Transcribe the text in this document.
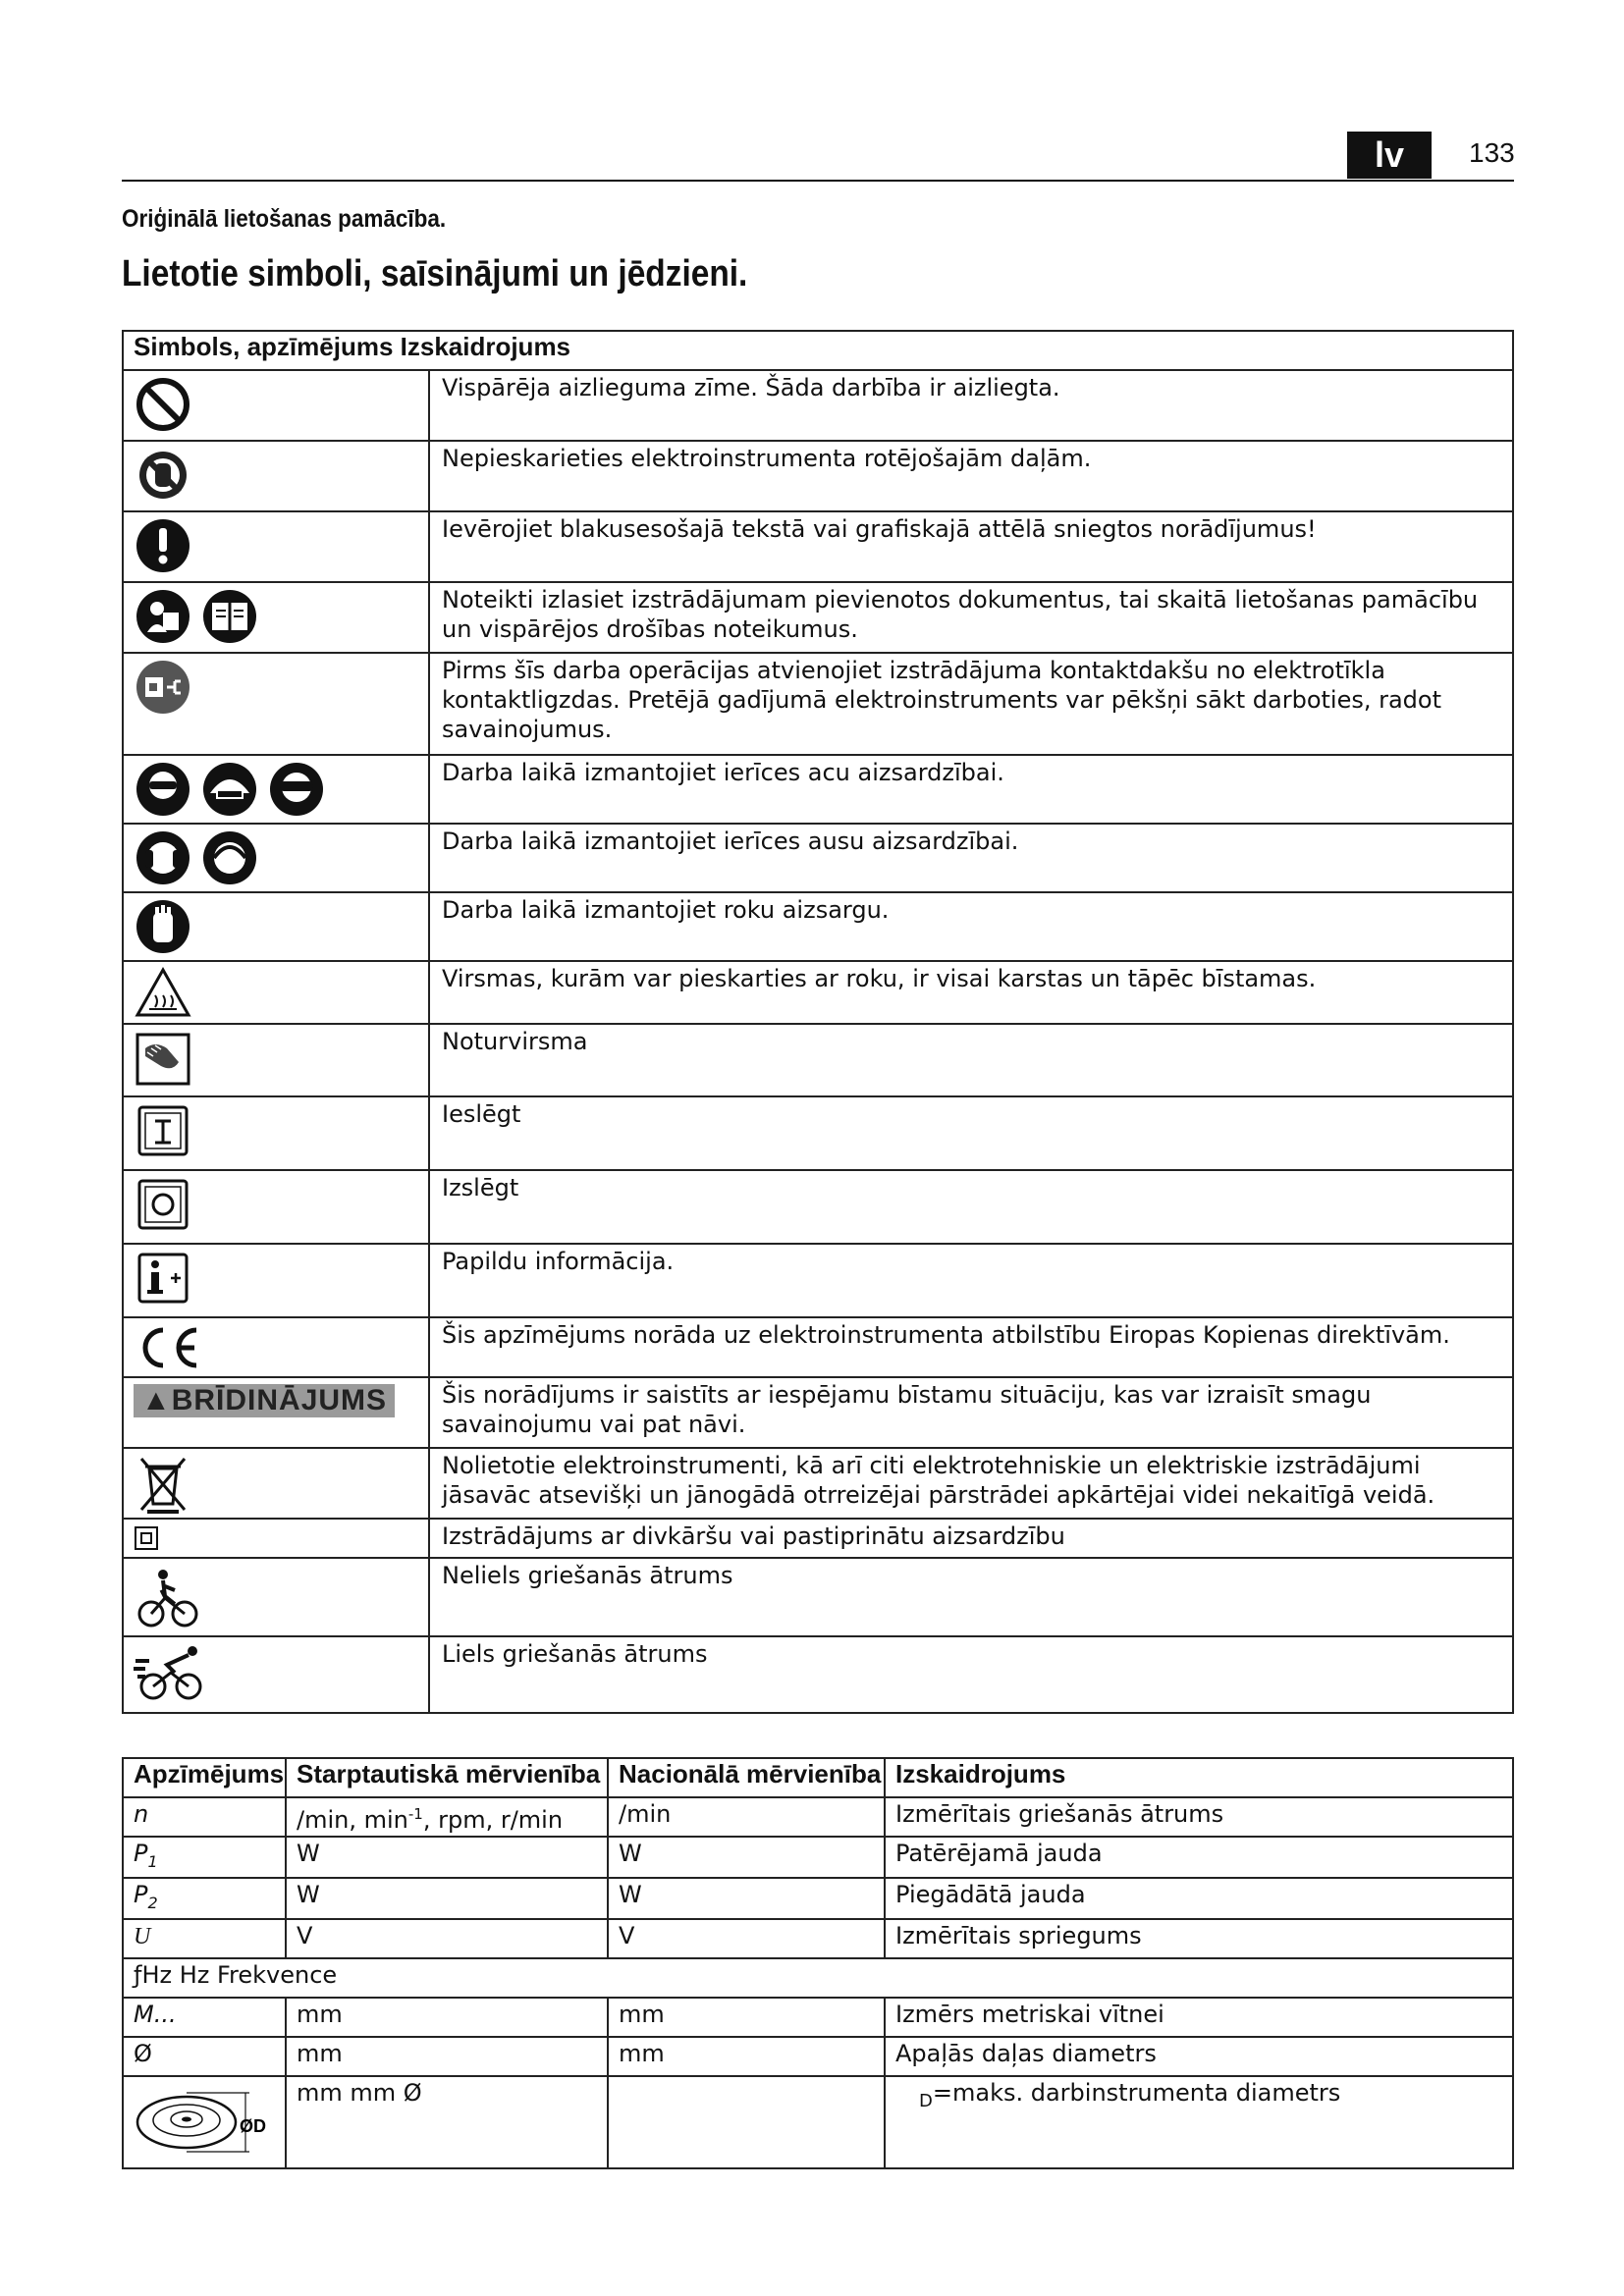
lv	133
Oriģinālā lietošanas pamācība.
Lietotie simboli, saīsinājumi un jēdzieni.
Simbols, apzīmējums Izskaidrojums	
	Vispārēja aizlieguma zīme. Šāda darbība ir aizliegta.
	Nepieskarieties elektroinstrumenta rotējošajām daļām.
	Ievērojiet blakusesošajā tekstā vai grafiskajā attēlā sniegtos norādījumus!
	Noteikti izlasiet izstrādājumam pievienotos dokumentus, tai skaitā lietošanas pamācību un vispārējos drošības noteikumus.
	Pirms šīs darba operācijas atvienojiet izstrādājuma kontaktdakšu no elektrotīkla kontaktligzdas. Pretējā gadījumā elektroinstruments var pēkšņi sākt darboties, radot savainojumus.
	Darba laikā izmantojiet ierīces acu aizsardzībai.
	Darba laikā izmantojiet ierīces ausu aizsardzībai.
	Darba laikā izmantojiet roku aizsargu.
	Virsmas, kurām var pieskarties ar roku, ir visai karstas un tāpēc bīstamas.
	Noturvirsma
	Ieslēgt
	Izslēgt
	Papildu informācija.
	Šis apzīmējums norāda uz elektroinstrumenta atbilstību Eiropas Kopienas direktīvām.
▲BRĪDINĀJUMS	Šis norādījums ir saistīts ar iespējamu bīstamu situāciju, kas var izraisīt smagu savainojumu vai pat nāvi.
	Nolietotie elektroinstrumenti, kā arī citi elektrotehniskie un elektriskie izstrādājumi jāsavāc atsevišķi un jānogādā otrreizējai pārstrādei apkārtējai videi nekaitīgā veidā.
	Izstrādājums ar divkāršu vai pastiprinātu aizsardzību
	Neliels griešanās ātrums
	Liels griešanās ātrums
Apzīmējums	Starptautiskā mērvienība	Nacionālā mērvienība	Izskaidrojums
n	/min, $\min^{-1}$, rpm, r/min	/min	Izmērītais griešanās ātrums
$P_1$	W	W	Patērējamā jauda
$P_2$	W	W	Piegādātā jauda
U	V	V	Izmērītais spriegums
ƒHz Hz Frekvence			
M...	mm	mm	Izmērs metriskai vītnei
Ø	mm	mm	Apaļās daļas diametrs

ØD	mm mm Ø		$_D$=maks. darbinstrumenta diametrs
